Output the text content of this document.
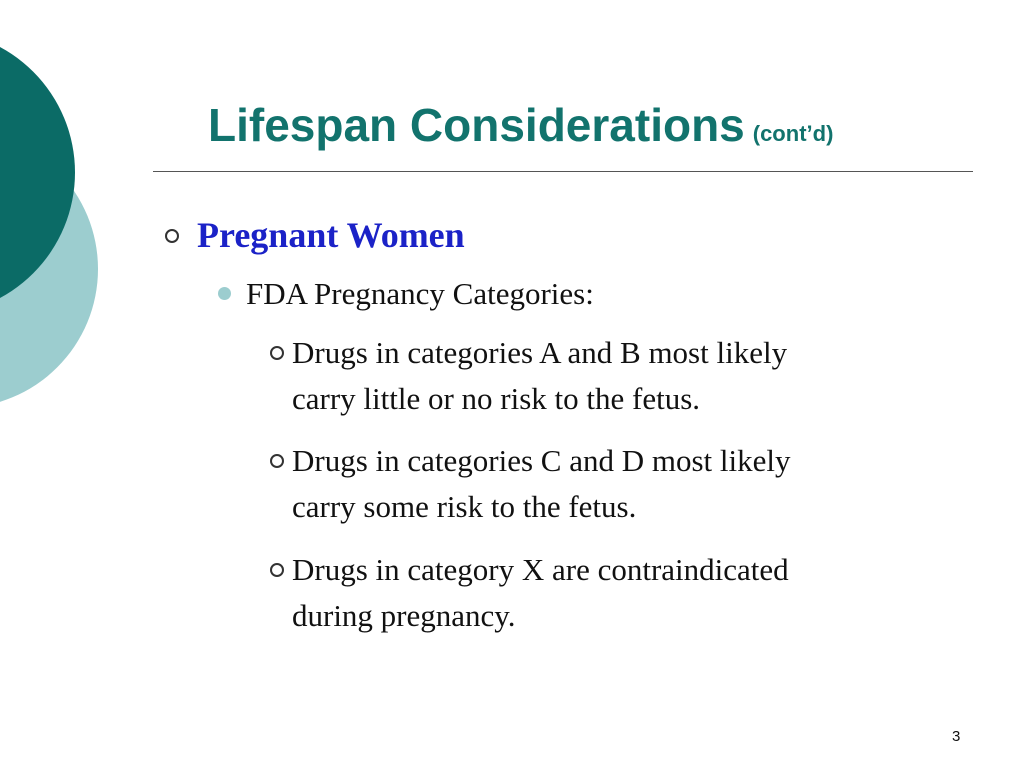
Lifespan Considerations (cont’d)
Pregnant Women
FDA Pregnancy Categories:
Drugs in categories A and B most likely
carry little or no risk to the fetus.
Drugs in categories C and D most likely
carry some risk to the fetus.
Drugs in category X are contraindicated
during pregnancy.
3
